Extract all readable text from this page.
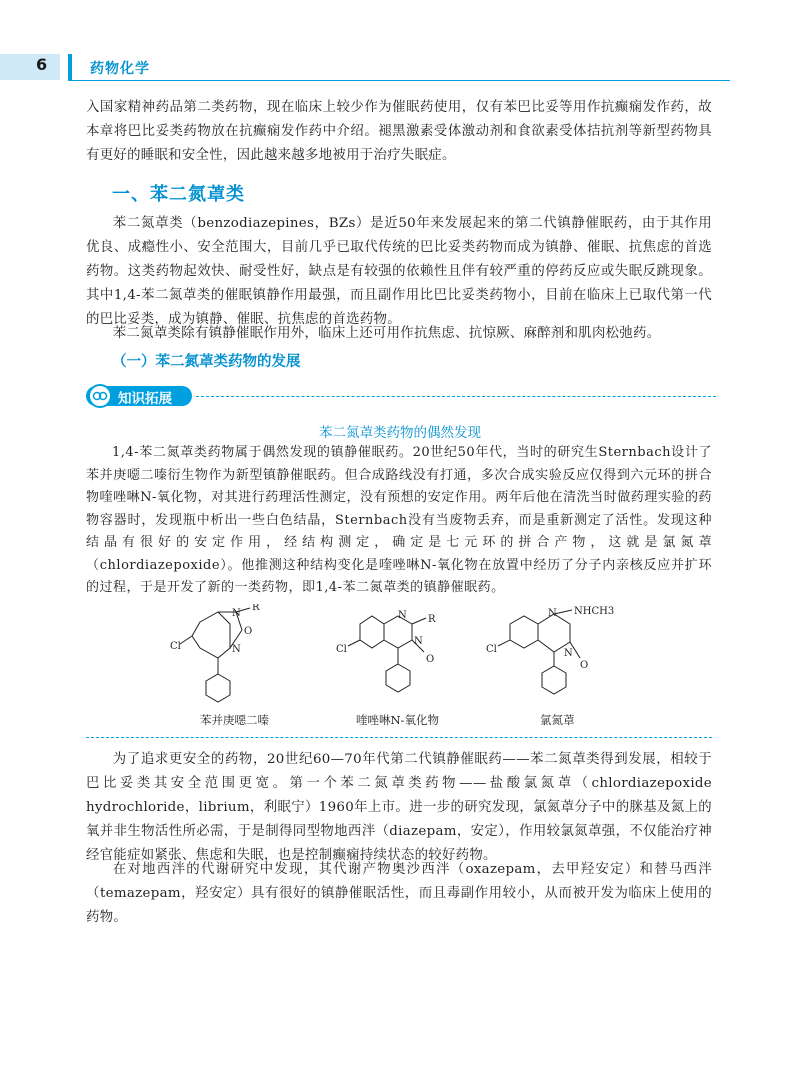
6	药物化学

入国家精神药品第二类药物，现在临床上较少作为催眠药使用，仅有苯巴比妥等用作抗癫痫发作药，故本章将巴比妥类药物放在抗癫痫发作药中介绍。褪黑激素受体激动剂和食欲素受体拮抗剂等新型药物具有更好的睡眠和安全性，因此越来越多地被用于治疗失眠症。

一、苯二氮䓬类

苯二氮䓬类（benzodiazepines，BZs）是近50年来发展起来的第二代镇静催眠药，由于其作用优良、成瘾性小、安全范围大，目前几乎已取代传统的巴比妥类药物而成为镇静、催眠、抗焦虑的首选药物。这类药物起效快、耐受性好，缺点是有较强的依赖性且伴有较严重的停药反应或失眠反跳现象。其中1,4-苯二氮䓬类的催眠镇静作用最强，而且副作用比巴比妥类药物小，目前在临床上已取代第一代的巴比妥类，成为镇静、催眠、抗焦虑的首选药物。

苯二氮䓬类除有镇静催眠作用外，临床上还可用作抗焦虑、抗惊厥、麻醉剂和肌肉松弛药。

（一）苯二氮䓬类药物的发展
知识拓展

苯二氮䓬类药物的偶然发现

1,4-苯二氮䓬类药物属于偶然发现的镇静催眠药。20世纪50年代，当时的研究生Sternbach设计了苯并庚噁二嗪衍生物作为新型镇静催眠药。但合成路线没有打通，多次合成实验反应仅得到六元环的拼合物喹唑啉N-氧化物，对其进行药理活性测定，没有预想的安定作用。两年后他在清洗当时做药理实验的药物容器时，发现瓶中析出一些白色结晶，Sternbach没有当废物丢弃，而是重新测定了活性。发现这种结晶有很好的安定作用，经结构测定，确定是七元环的拼合产物，这就是氯氮䓬（chlordiazepoxide）。他推测这种结构变化是喹唑啉N-氧化物在放置中经历了分子内亲核反应并扩环的过程，于是开发了新的一类药物，即1,4-苯二氮䓬类的镇静催眠药。

Cl
N
R
O
N	Cl
N R
N
O
Cl
N NHCH3
N
O

苯并庚噁二嗪	喹唑啉N-氧化物	氯氮䓬

为了追求更安全的药物，20世纪60—70年代第二代镇静催眠药——苯二氮䓬类得到发展，相较于巴比妥类其安全范围更宽。第一个苯二氮䓬类药物——盐酸氯氮䓬（chlordiazepoxide hydrochloride，librium，利眠宁）1960年上市。进一步的研究发现，氯氮䓬分子中的脒基及氮上的氧并非生物活性所必需，于是制得同型物地西泮（diazepam，安定），作用较氯氮䓬强，不仅能治疗神经官能症如紧张、焦虑和失眠，也是控制癫痫持续状态的较好药物。

在对地西泮的代谢研究中发现，其代谢产物奥沙西泮（oxazepam，去甲羟安定）和替马西泮（temazepam，羟安定）具有很好的镇静催眠活性，而且毒副作用较小，从而被开发为临床上使用的药物。
